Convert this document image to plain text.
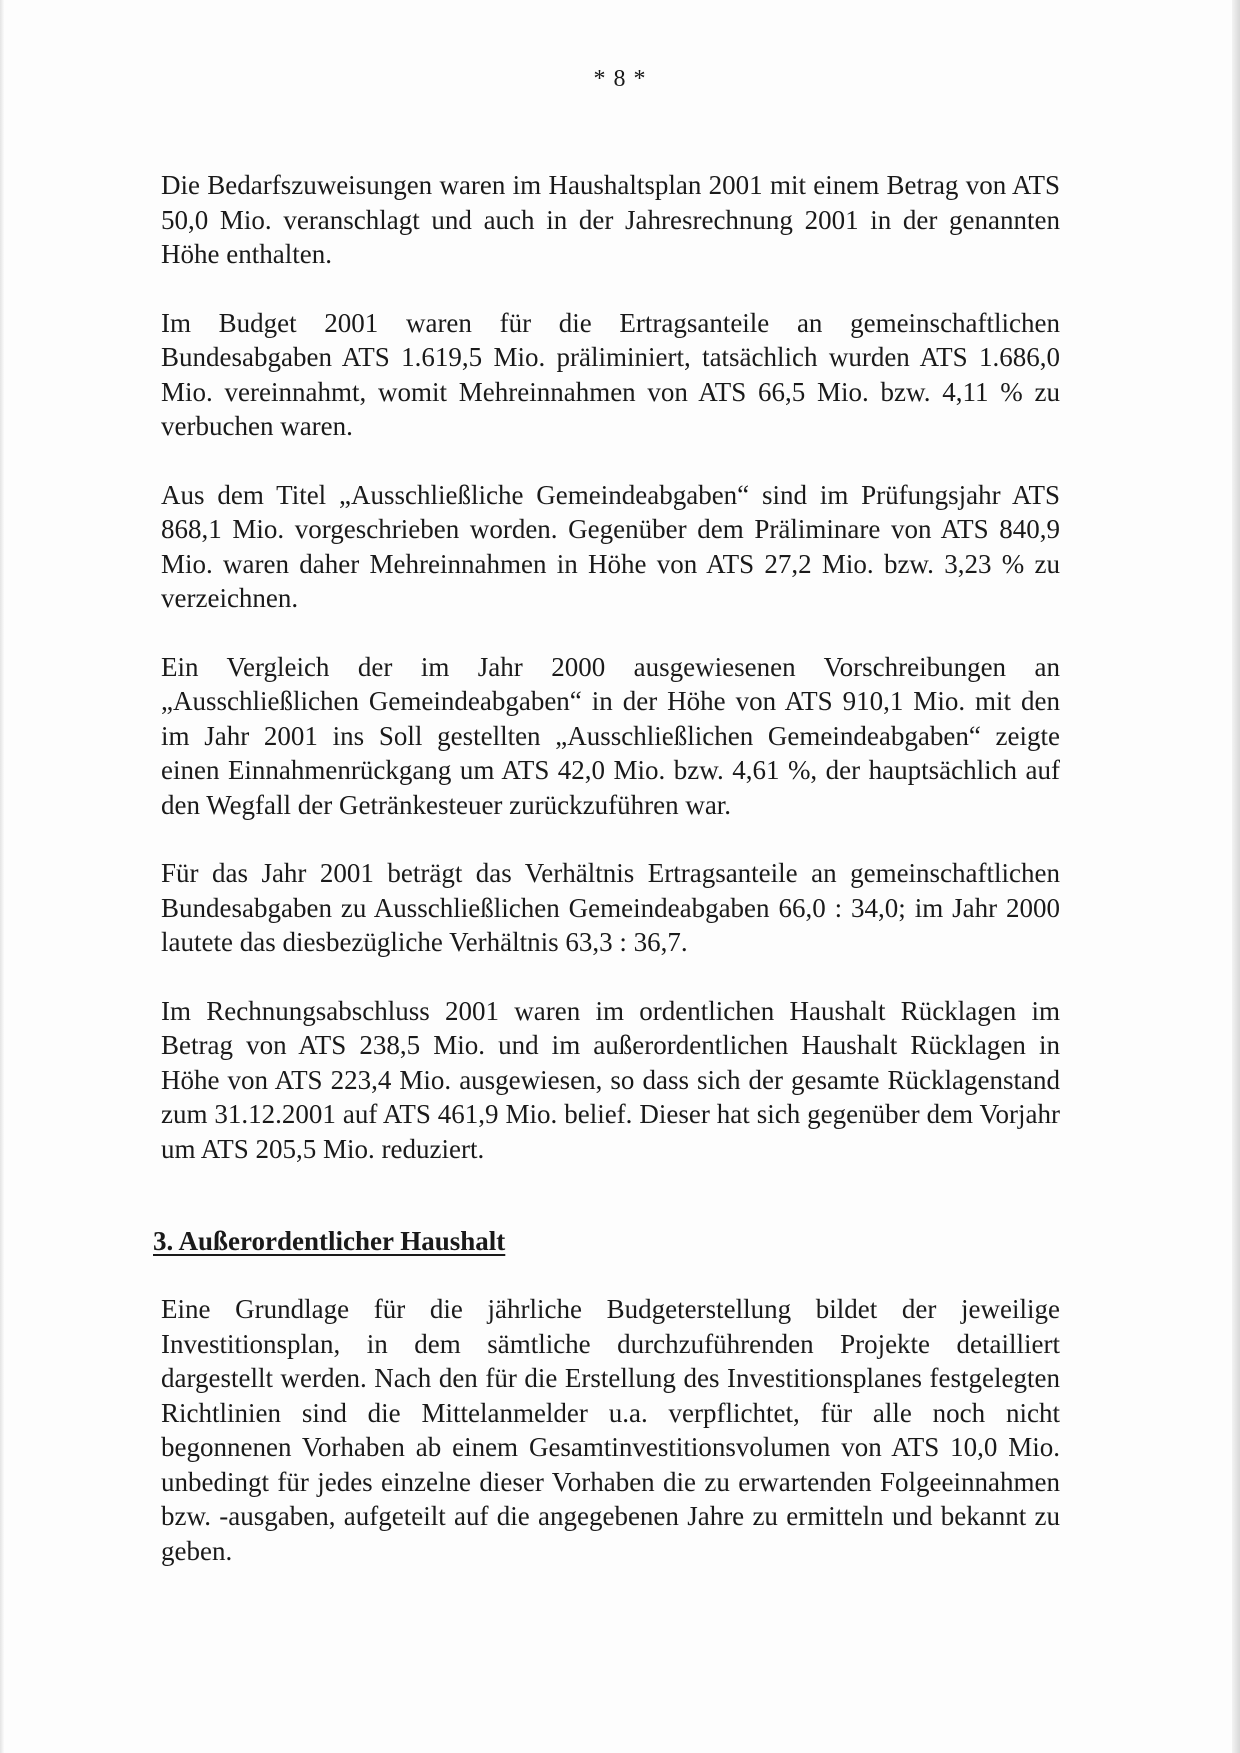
* 8 *

Die Bedarfszuweisungen waren im Haushaltsplan 2001 mit einem Betrag von ATS 50,0 Mio. veranschlagt und auch in der Jahresrechnung 2001 in der genannten Höhe enthalten.

Im Budget 2001 waren für die Ertragsanteile an gemeinschaftlichen Bundesabgaben ATS 1.619,5 Mio. präliminiert, tatsächlich wurden ATS 1.686,0 Mio. vereinnahmt, womit Mehreinnahmen von ATS 66,5 Mio. bzw. 4,11 % zu verbuchen waren.

Aus dem Titel „Ausschließliche Gemeindeabgaben“ sind im Prüfungsjahr ATS 868,1 Mio. vorgeschrieben worden. Gegenüber dem Präliminare von ATS 840,9 Mio. waren daher Mehreinnahmen in Höhe von ATS 27,2 Mio. bzw. 3,23 % zu verzeichnen.

Ein Vergleich der im Jahr 2000 ausgewiesenen Vorschreibungen an „Ausschließlichen Gemeindeabgaben“ in der Höhe von ATS 910,1 Mio. mit den im Jahr 2001 ins Soll gestellten „Ausschließlichen Gemeindeabgaben“ zeigte einen Einnahmenrückgang um ATS 42,0 Mio. bzw. 4,61 %, der hauptsächlich auf den Wegfall der Getränkesteuer zurückzuführen war.

Für das Jahr 2001 beträgt das Verhältnis Ertragsanteile an gemeinschaftlichen Bundesabgaben zu Ausschließlichen Gemeindeabgaben 66,0 : 34,0; im Jahr 2000 lautete das diesbezügliche Verhältnis 63,3 : 36,7.

Im Rechnungsabschluss 2001 waren im ordentlichen Haushalt Rücklagen im Betrag von ATS 238,5 Mio. und im außerordentlichen Haushalt Rücklagen in Höhe von ATS 223,4 Mio. ausgewiesen, so dass sich der gesamte Rücklagenstand zum 31.12.2001 auf ATS 461,9 Mio. belief. Dieser hat sich gegenüber dem Vorjahr um ATS 205,5 Mio. reduziert.

3. Außerordentlicher Haushalt

Eine Grundlage für die jährliche Budgeterstellung bildet der jeweilige Investitionsplan, in dem sämtliche durchzuführenden Projekte detailliert dargestellt werden. Nach den für die Erstellung des Investitionsplanes festgelegten Richtlinien sind die Mittelanmelder u.a. verpflichtet, für alle noch nicht begonnenen Vorhaben ab einem Gesamtinvestitionsvolumen von ATS 10,0 Mio. unbedingt für jedes einzelne dieser Vorhaben die zu erwartenden Folgeeinnahmen bzw. -ausgaben, aufgeteilt auf die angegebenen Jahre zu ermitteln und bekannt zu geben.
